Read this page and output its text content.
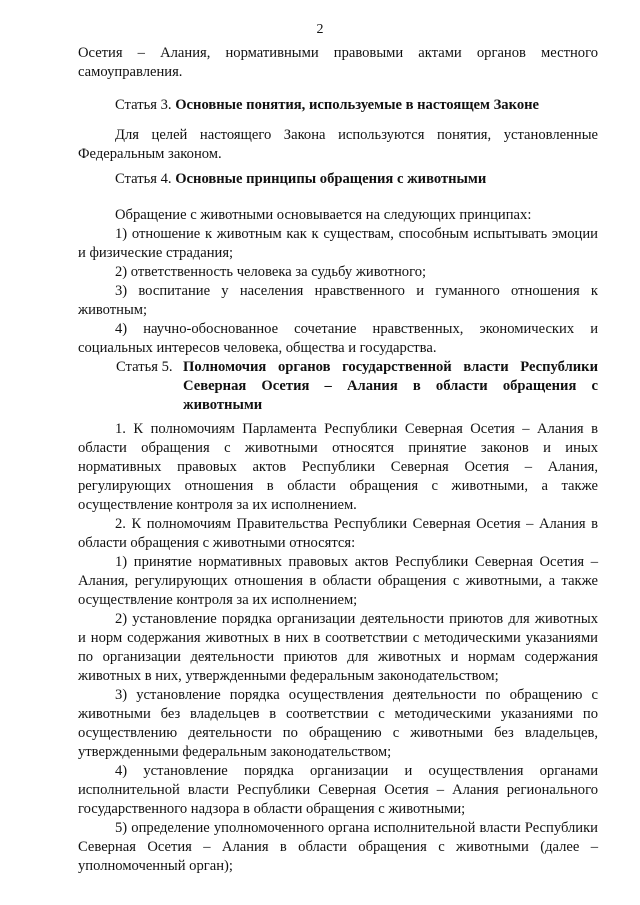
2

Осетия – Алания, нормативными правовыми актами органов местного самоуправления.

Статья 3. Основные понятия, используемые в настоящем Законе

Для целей настоящего Закона используются понятия, установленные Федеральным законом.

Статья 4. Основные принципы обращения с животными

Обращение с животными основывается на следующих принципах:

1) отношение к животным как к существам, способным испытывать эмоции и физические страдания;

2) ответственность человека за судьбу животного;

3) воспитание у населения нравственного и гуманного отношения к животным;

4) научно-обоснованное сочетание нравственных, экономических и социальных интересов человека, общества и государства.

Статья 5. Полномочия органов государственной власти Республики Северная Осетия – Алания в области обращения с животными

1. К полномочиям Парламента Республики Северная Осетия – Алания в области обращения с животными относятся принятие законов и иных нормативных правовых актов Республики Северная Осетия – Алания, регулирующих отношения в области обращения с животными, а также осуществление контроля за их исполнением.

2. К полномочиям Правительства Республики Северная Осетия – Алания в области обращения с животными относятся:

1) принятие нормативных правовых актов Республики Северная Осетия – Алания, регулирующих отношения в области обращения с животными, а также осуществление контроля за их исполнением;

2) установление порядка организации деятельности приютов для животных и норм содержания животных в них в соответствии с методическими указаниями по организации деятельности приютов для животных и нормам содержания животных в них, утвержденными федеральным законодательством;

3) установление порядка осуществления деятельности по обращению с животными без владельцев в соответствии с методическими указаниями по осуществлению деятельности по обращению с животными без владельцев, утвержденными федеральным законодательством;

4) установление порядка организации и осуществления органами исполнительной власти Республики Северная Осетия – Алания регионального государственного надзора в области обращения с животными;

5) определение уполномоченного органа исполнительной власти Республики Северная Осетия – Алания в области обращения с животными (далее – уполномоченный орган);
